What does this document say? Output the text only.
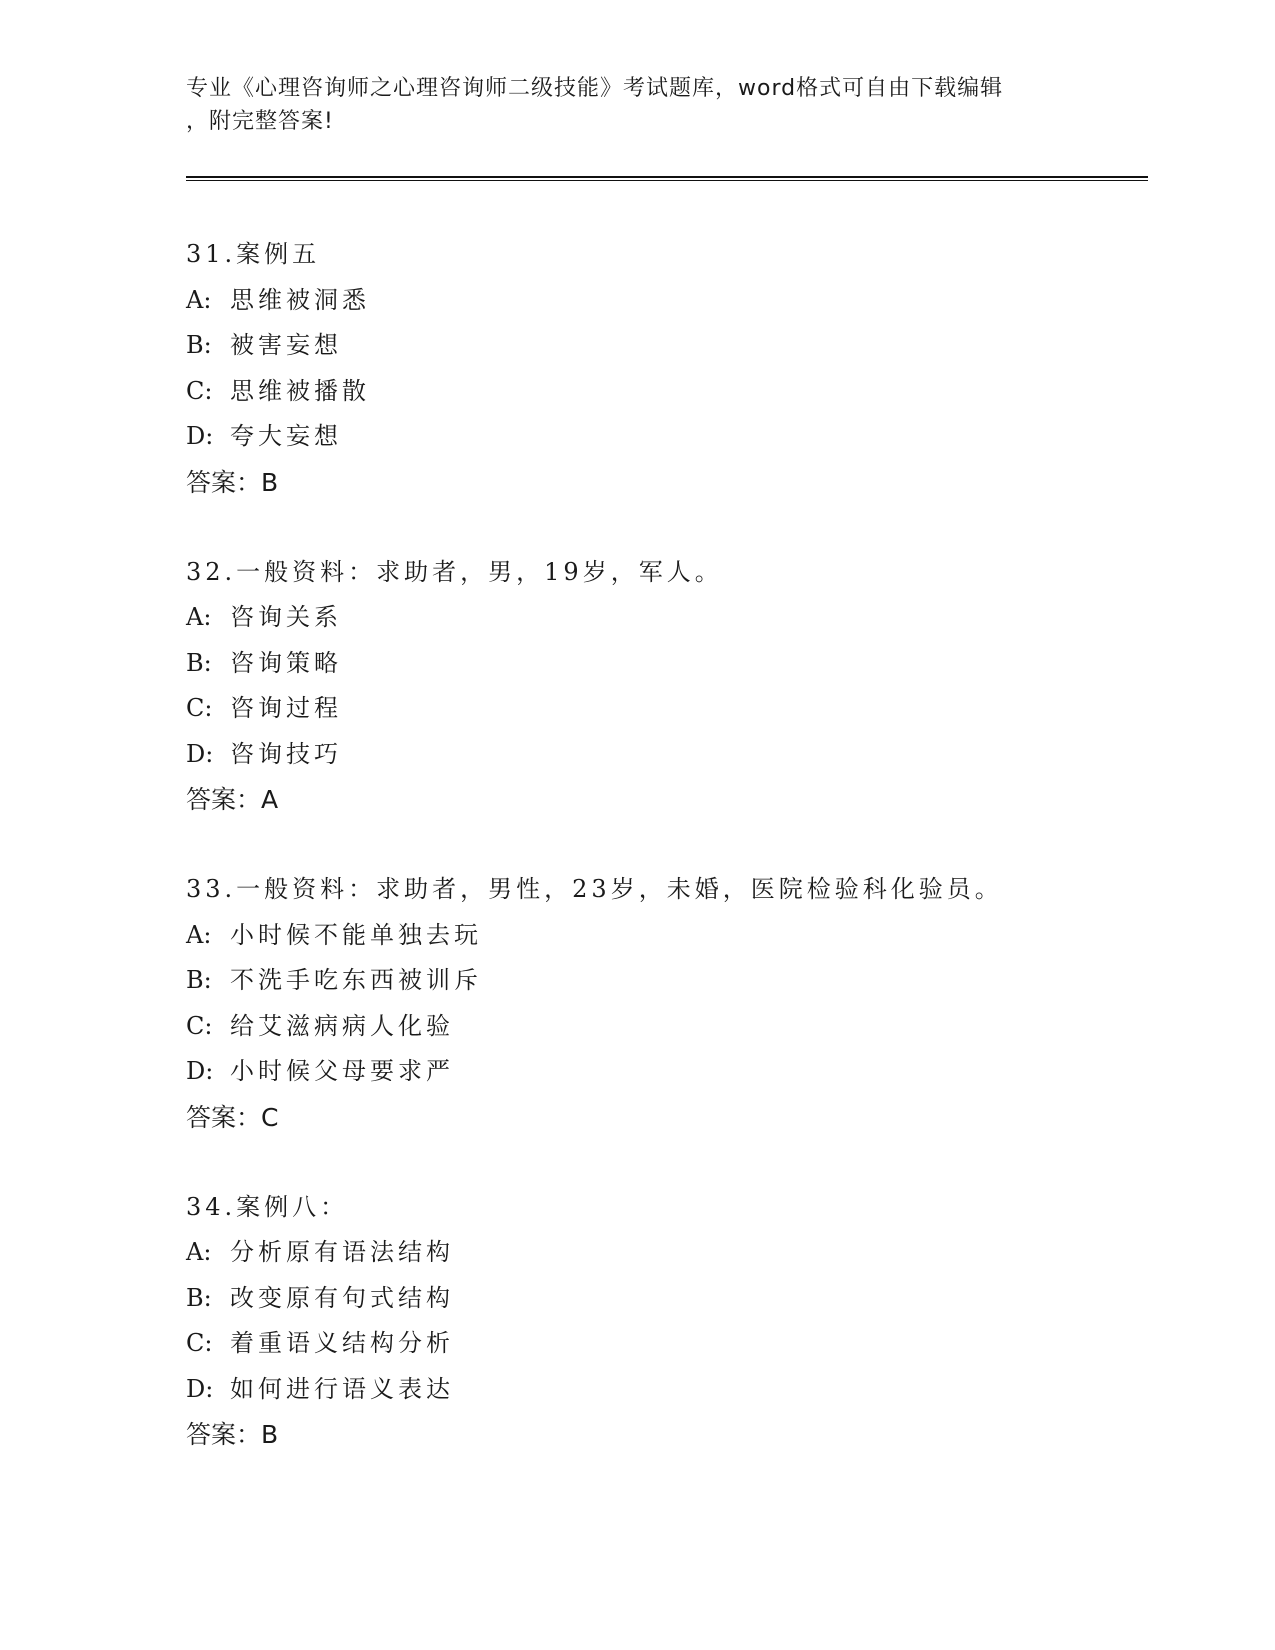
专业《心理咨询师之心理咨询师二级技能》考试题库，word格式可自由下载编辑
，附完整答案!
31.案例五
A: 思维被洞悉
B: 被害妄想
C: 思维被播散
D: 夸大妄想
答案：B
32.一般资料：求助者，男，19岁，军人。
A: 咨询关系
B: 咨询策略
C: 咨询过程
D: 咨询技巧
答案：A
33.一般资料：求助者，男性，23岁，未婚，医院检验科化验员。
A: 小时候不能单独去玩
B: 不洗手吃东西被训斥
C: 给艾滋病病人化验
D: 小时候父母要求严
答案：C
34.案例八：
A: 分析原有语法结构
B: 改变原有句式结构
C: 着重语义结构分析
D: 如何进行语义表达
答案：B
